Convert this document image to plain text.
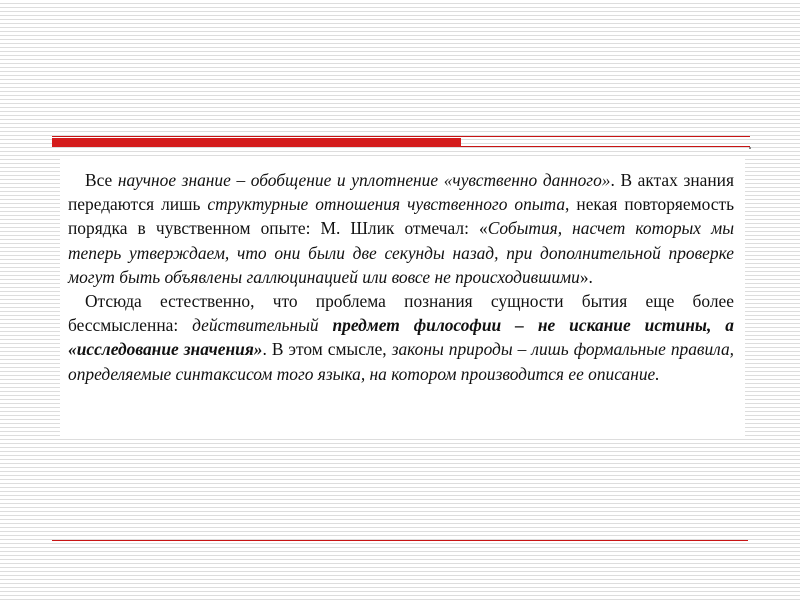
Все научное знание – обобщение и уплотнение «чувственно данного». В актах знания передаются лишь структурные отношения чувственного опыта, некая повторяемость порядка в чувственном опыте: М. Шлик отмечал: «События, насчет которых мы теперь утверждаем, что они были две секунды назад, при дополнительной проверке могут быть объявлены галлюцинацией или вовсе не происходившими».

Отсюда естественно, что проблема познания сущности бытия еще более бессмысленна: действительный предмет философии – не искание истины, а «исследование значения». В этом смысле, законы природы – лишь формальные правила, определяемые синтаксисом того языка, на котором производится ее описание.
